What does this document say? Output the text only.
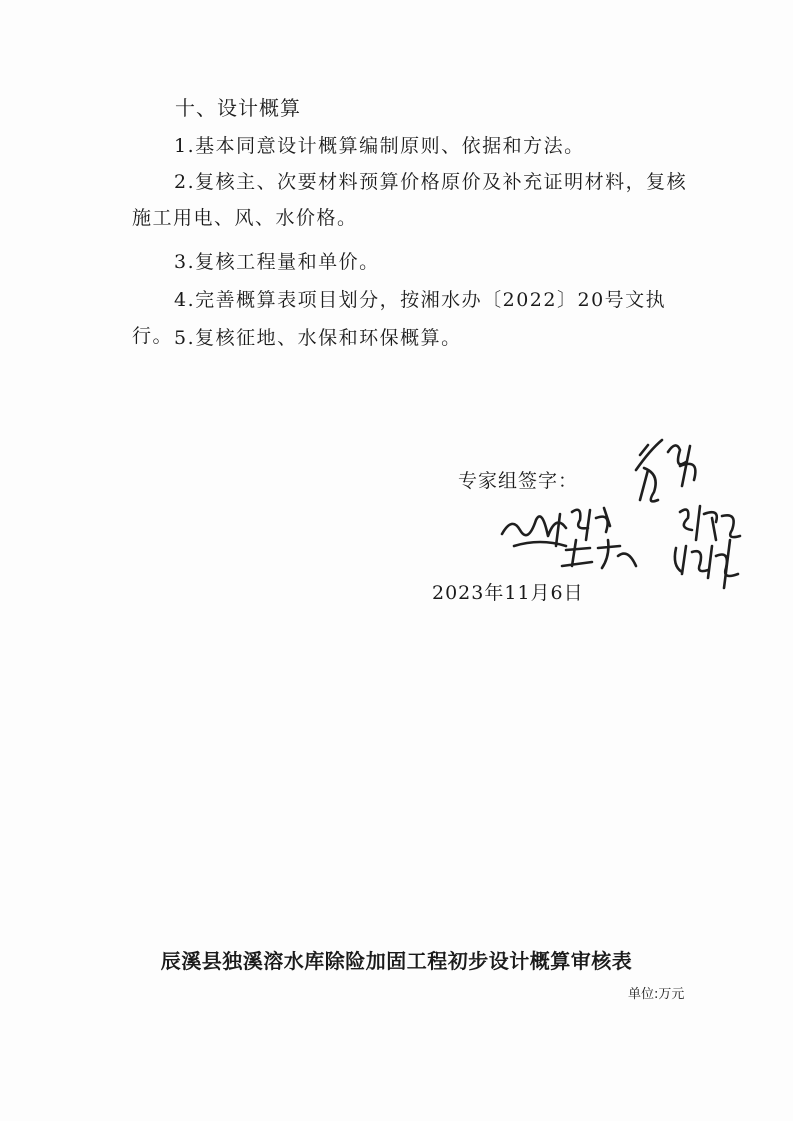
十、设计概算
1.基本同意设计概算编制原则、依据和方法。
2.复核主、次要材料预算价格原价及补充证明材料，复核施工用电、风、水价格。
3.复核工程量和单价。
4.完善概算表项目划分，按湘水办〔2022〕20号文执行。 5.复核征地、水保和环保概算。
专家组签字：
2023年11月6日
辰溪县独溪溶水库除险加固工程初步设计概算审核表
单位:万元
